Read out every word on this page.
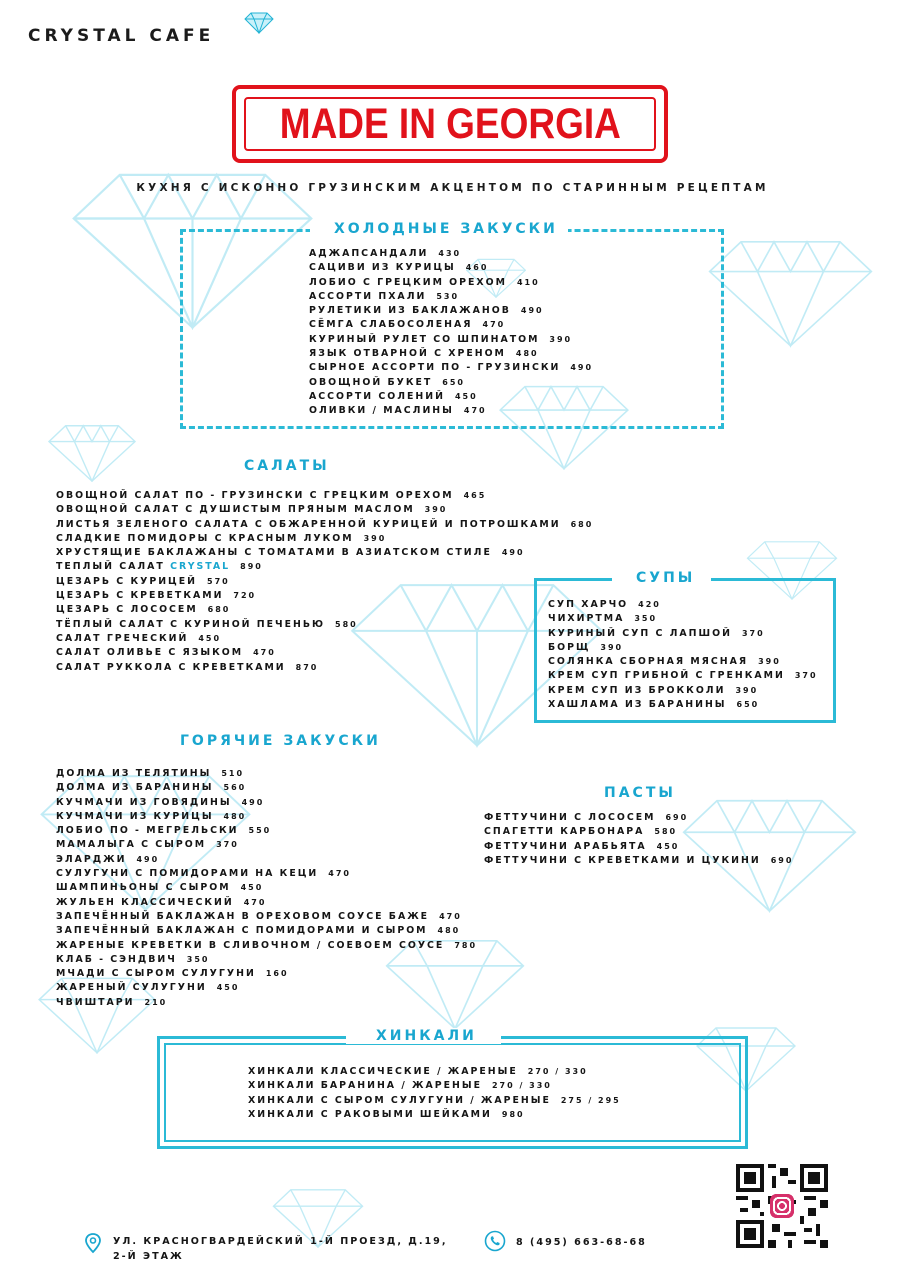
CRYSTAL CAFE
MADE IN GEORGIA
КУХНЯ С ИСКОННО ГРУЗИНСКИМ АКЦЕНТОМ ПО СТАРИННЫМ РЕЦЕПТАМ
ХОЛОДНЫЕ ЗАКУСКИ
АДЖАПСАНДАЛИ 430
САЦИВИ ИЗ КУРИЦЫ 460
ЛОБИО С ГРЕЦКИМ ОРЕХОМ 410
АССОРТИ ПХАЛИ 530
РУЛЕТИКИ ИЗ БАКЛАЖАНОВ 490
СЁМГА СЛАБОСОЛЕНАЯ 470
КУРИНЫЙ РУЛЕТ СО ШПИНАТОМ 390
ЯЗЫК ОТВАРНОЙ С ХРЕНОМ 480
СЫРНОЕ АССОРТИ ПО - ГРУЗИНСКИ 490
ОВОЩНОЙ БУКЕТ 650
АССОРТИ СОЛЕНИЙ 450
ОЛИВКИ / МАСЛИНЫ 470
САЛАТЫ
ОВОЩНОЙ САЛАТ ПО - ГРУЗИНСКИ С ГРЕЦКИМ ОРЕХОМ 465
ОВОЩНОЙ САЛАТ С ДУШИСТЫМ ПРЯНЫМ МАСЛОМ 390
ЛИСТЬЯ ЗЕЛЕНОГО САЛАТА С ОБЖАРЕННОЙ КУРИЦЕЙ И ПОТРОШКАМИ 680
СЛАДКИЕ ПОМИДОРЫ С КРАСНЫМ ЛУКОМ 390
ХРУСТЯЩИЕ БАКЛАЖАНЫ С ТОМАТАМИ В АЗИАТСКОМ СТИЛЕ 490
ТЕПЛЫЙ САЛАТ CRYSTAL 890
ЦЕЗАРЬ С КУРИЦЕЙ 570
ЦЕЗАРЬ С КРЕВЕТКАМИ 720
ЦЕЗАРЬ С ЛОСОСЕМ 680
ТЁПЛЫЙ САЛАТ С КУРИНОЙ ПЕЧЕНЬЮ 580
САЛАТ ГРЕЧЕСКИЙ 450
САЛАТ ОЛИВЬЕ С ЯЗЫКОМ 470
САЛАТ РУККОЛА С КРЕВЕТКАМИ 870
СУПЫ
СУП ХАРЧО 420
ЧИХИРТМА 350
КУРИНЫЙ СУП С ЛАПШОЙ 370
БОРЩ 390
СОЛЯНКА СБОРНАЯ МЯСНАЯ 390
КРЕМ СУП ГРИБНОЙ С ГРЕНКАМИ 370
КРЕМ СУП ИЗ БРОККОЛИ 390
ХАШЛАМА ИЗ БАРАНИНЫ 650
ГОРЯЧИЕ ЗАКУСКИ
ДОЛМА ИЗ ТЕЛЯТИНЫ 510
ДОЛМА ИЗ БАРАНИНЫ 560
КУЧМАЧИ ИЗ ГОВЯДИНЫ 490
КУЧМАЧИ ИЗ КУРИЦЫ 480
ЛОБИО ПО - МЕГРЕЛЬСКИ 550
МАМАЛЫГА С СЫРОМ 370
ЭЛАРДЖИ 490
СУЛУГУНИ С ПОМИДОРАМИ НА КЕЦИ 470
ШАМПИНЬОНЫ С СЫРОМ 450
ЖУЛЬЕН КЛАССИЧЕСКИЙ 470
ЗАПЕЧЁННЫЙ БАКЛАЖАН В ОРЕХОВОМ СОУСЕ БАЖЕ 470
ЗАПЕЧЁННЫЙ БАКЛАЖАН С ПОМИДОРАМИ И СЫРОМ 480
ЖАРЕНЫЕ КРЕВЕТКИ В СЛИВОЧНОМ / СОЕВОЕМ СОУСЕ 780
КЛАБ - СЭНДВИЧ 350
МЧАДИ С СЫРОМ СУЛУГУНИ 160
ЖАРЕНЫЙ СУЛУГУНИ 450
ЧВИШТАРИ 210
ПАСТЫ
ФЕТТУЧИНИ С ЛОСОСЕМ 690
СПАГЕТТИ КАРБОНАРА 580
ФЕТТУЧИНИ АРАБЬЯТА 450
ФЕТТУЧИНИ С КРЕВЕТКАМИ И ЦУКИНИ 690
ХИНКАЛИ
ХИНКАЛИ КЛАССИЧЕСКИЕ / ЖАРЕНЫЕ 270 / 330
ХИНКАЛИ БАРАНИНА / ЖАРЕНЫЕ 270 / 330
ХИНКАЛИ С СЫРОМ СУЛУГУНИ / ЖАРЕНЫЕ 275 / 295
ХИНКАЛИ С РАКОВЫМИ ШЕЙКАМИ 980
УЛ. КРАСНОГВАРДЕЙСКИЙ 1-Й ПРОЕЗД, Д.19,
2-Й ЭТАЖ
8 (495) 663-68-68
